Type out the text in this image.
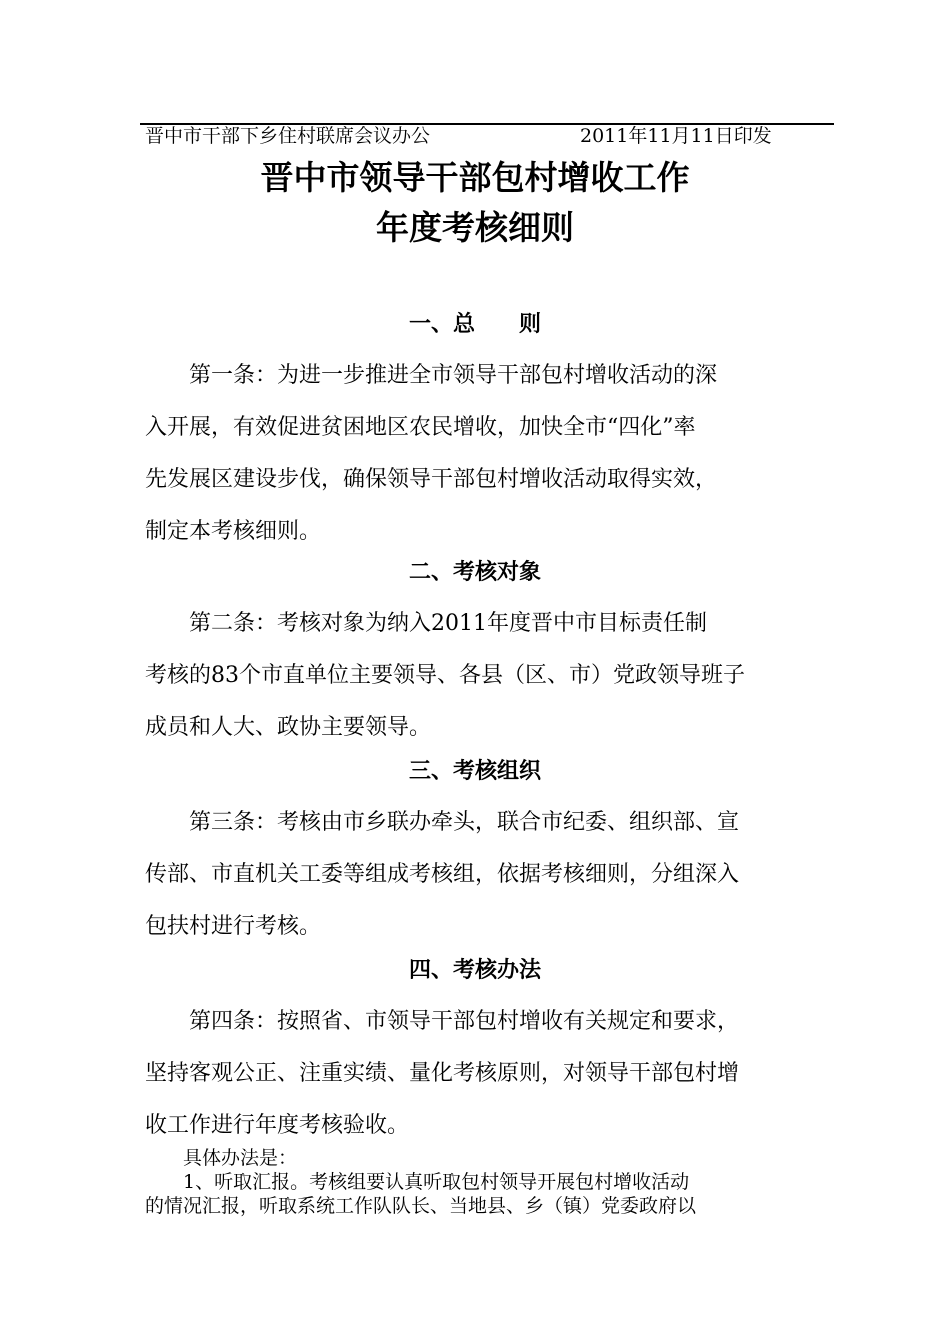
晋中市干部下乡住村联席会议办公	2011年11月11日印发
晋中市领导干部包村增收工作
年度考核细则
一、总　　则
　　第一条：为进一步推进全市领导干部包村增收活动的深
入开展，有效促进贫困地区农民增收，加快全市“四化”率
先发展区建设步伐，确保领导干部包村增收活动取得实效，
制定本考核细则。
二、考核对象
　　第二条：考核对象为纳入2011年度晋中市目标责任制
考核的83个市直单位主要领导、各县（区、市）党政领导班子
成员和人大、政协主要领导。
三、考核组织
　　第三条：考核由市乡联办牵头，联合市纪委、组织部、宣
传部、市直机关工委等组成考核组，依据考核细则，分组深入
包扶村进行考核。
四、考核办法
　　第四条：按照省、市领导干部包村增收有关规定和要求，
坚持客观公正、注重实绩、量化考核原则，对领导干部包村增
收工作进行年度考核验收。
　　具体办法是：
　　1、听取汇报。考核组要认真听取包村领导开展包村增收活动
的情况汇报，听取系统工作队队长、当地县、乡（镇）党委政府以
